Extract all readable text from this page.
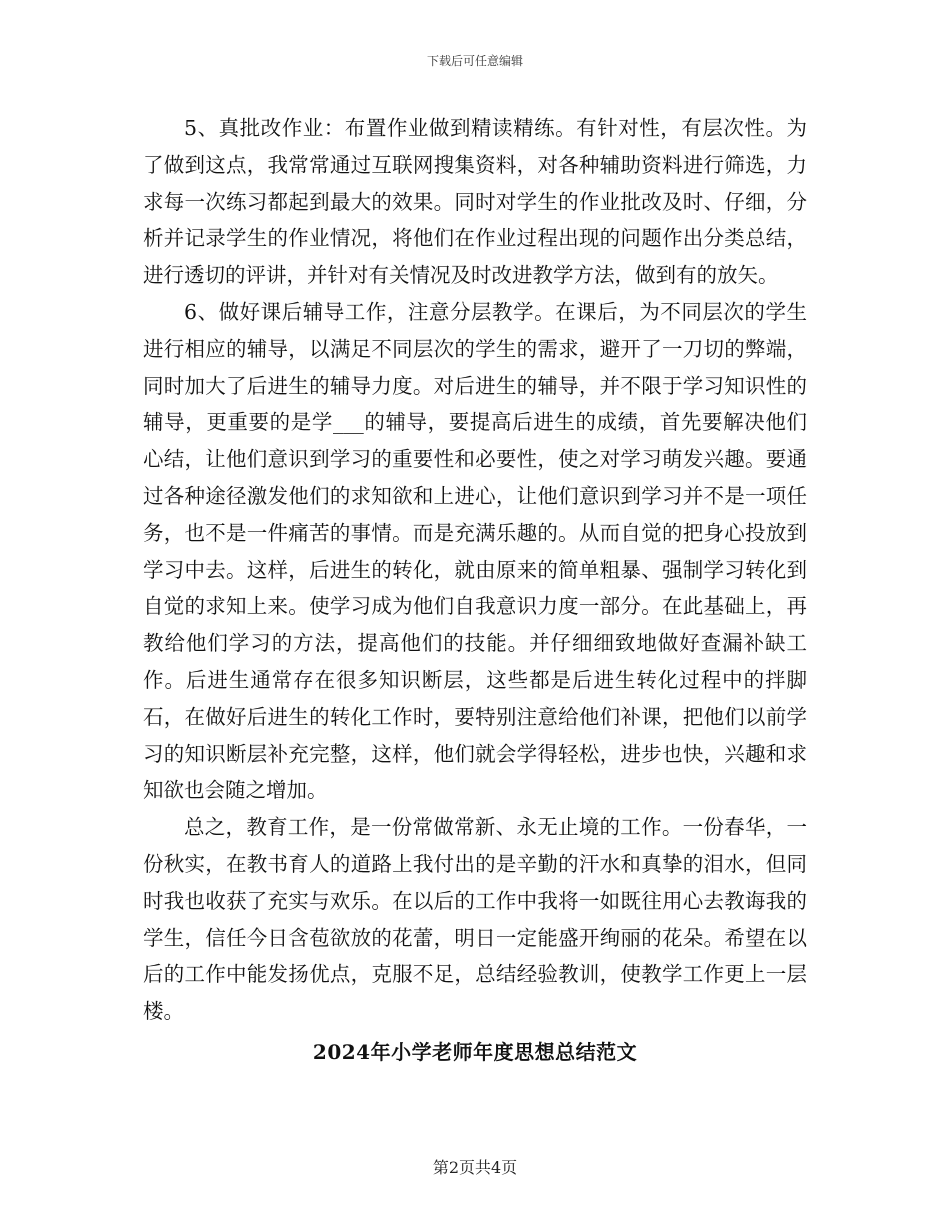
下载后可任意编辑

5、真批改作业：布置作业做到精读精练。有针对性，有层次性。为了做到这点，我常常通过互联网搜集资料，对各种辅助资料进行筛选，力求每一次练习都起到最大的效果。同时对学生的作业批改及时、仔细，分析并记录学生的作业情况，将他们在作业过程出现的问题作出分类总结，进行透切的评讲，并针对有关情况及时改进教学方法，做到有的放矢。

6、做好课后辅导工作，注意分层教学。在课后，为不同层次的学生进行相应的辅导，以满足不同层次的学生的需求，避开了一刀切的弊端，同时加大了后进生的辅导力度。对后进生的辅导，并不限于学习知识性的辅导，更重要的是学___的辅导，要提高后进生的成绩，首先要解决他们心结，让他们意识到学习的重要性和必要性，使之对学习萌发兴趣。要通过各种途径激发他们的求知欲和上进心，让他们意识到学习并不是一项任务，也不是一件痛苦的事情。而是充满乐趣的。从而自觉的把身心投放到学习中去。这样，后进生的转化，就由原来的简单粗暴、强制学习转化到自觉的求知上来。使学习成为他们自我意识力度一部分。在此基础上，再教给他们学习的方法，提高他们的技能。并仔细细致地做好查漏补缺工作。后进生通常存在很多知识断层，这些都是后进生转化过程中的拌脚石，在做好后进生的转化工作时，要特别注意给他们补课，把他们以前学习的知识断层补充完整，这样，他们就会学得轻松，进步也快，兴趣和求知欲也会随之增加。

总之，教育工作，是一份常做常新、永无止境的工作。一份春华，一份秋实，在教书育人的道路上我付出的是辛勤的汗水和真挚的泪水，但同时我也收获了充实与欢乐。在以后的工作中我将一如既往用心去教诲我的学生，信任今日含苞欲放的花蕾，明日一定能盛开绚丽的花朵。希望在以后的工作中能发扬优点，克服不足，总结经验教训，使教学工作更上一层楼。

2024年小学老师年度思想总结范文

第2页共4页
